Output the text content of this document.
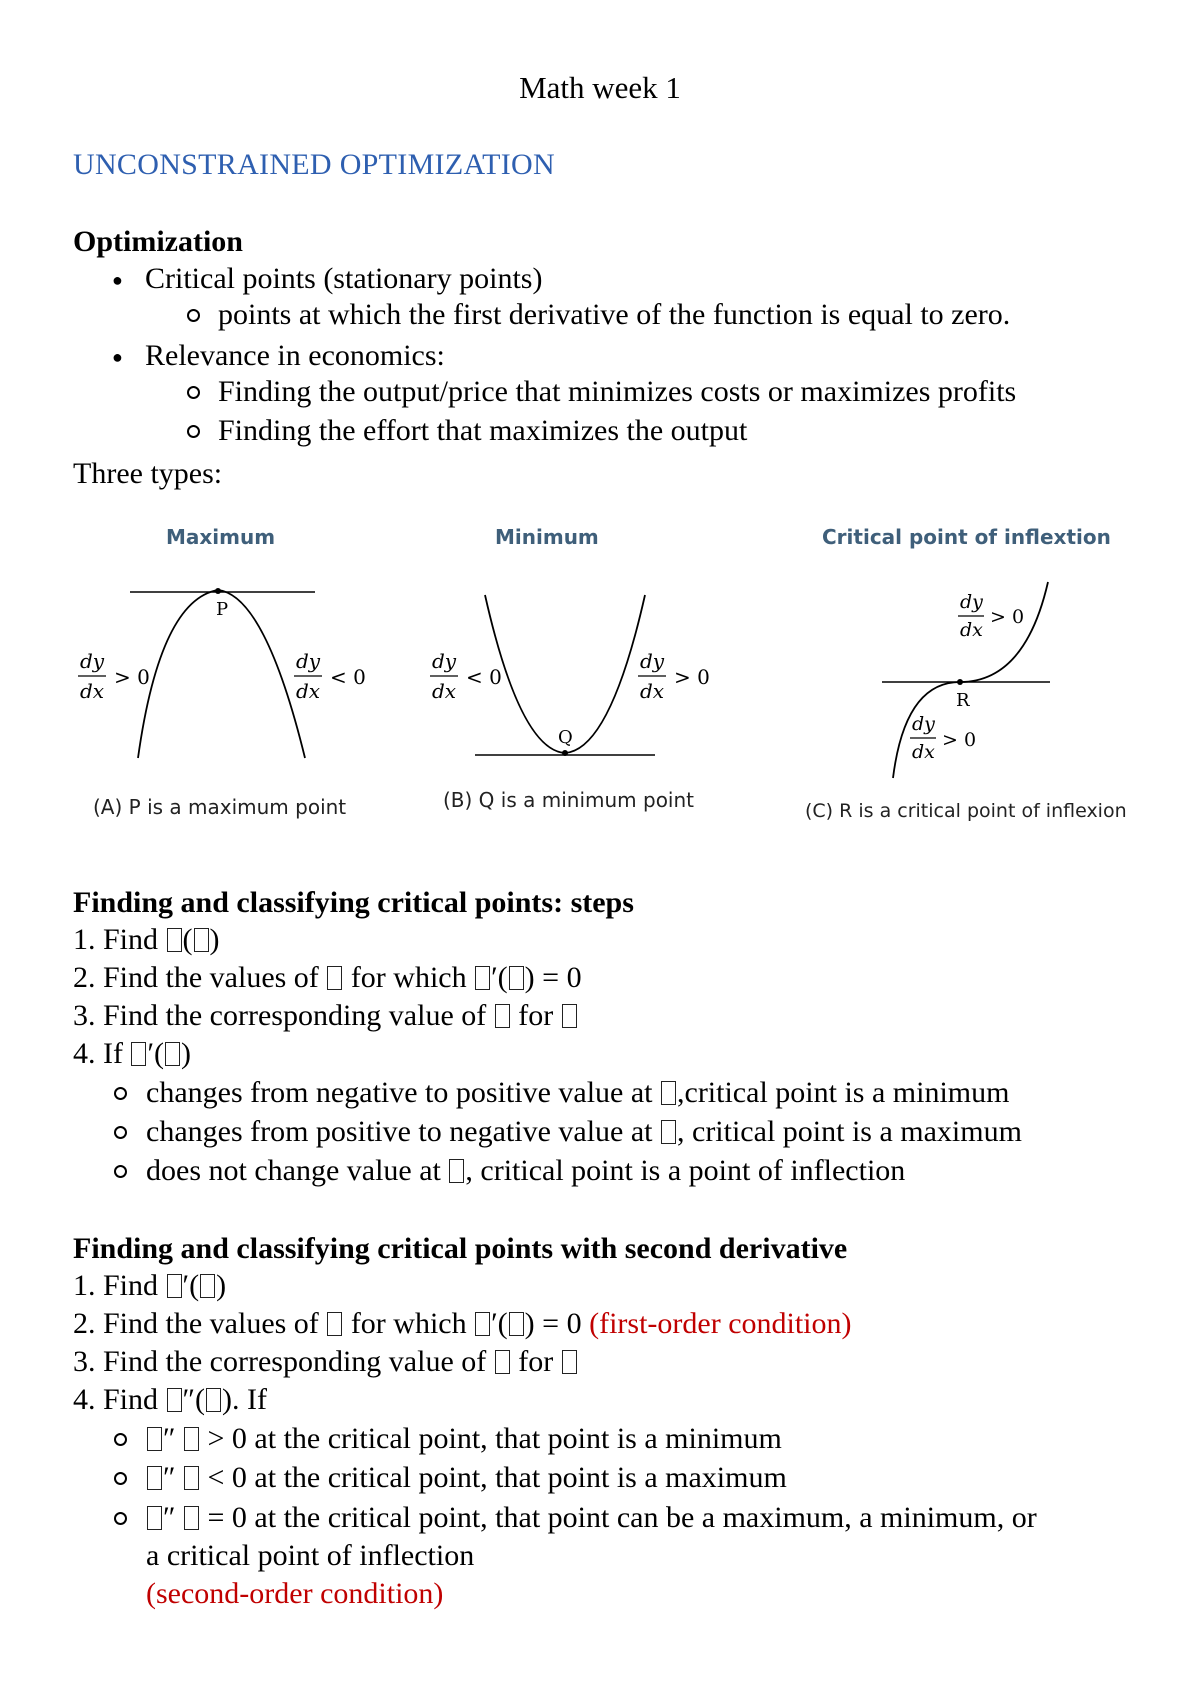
Math week 1
UNCONSTRAINED OPTIMIZATION
Optimization
● Critical points (stationary points)
points at which the first derivative of the function is equal to zero.
● Relevance in economics:
Finding the output/price that minimizes costs or maximizes profits
Finding the effort that maximizes the output
Three types:
Maximum	Minimum	Critical point of inflextion
P
dy
dx
> 0
dy
dx
< 0
Q
dy
dx
< 0
dy
dx
> 0
R
dy
dx
> 0
dy
dx
> 0
(A) P is a maximum point	(B) Q is a minimum point	(C) R is a critical point of inflexion
Finding and classifying critical points: steps
1. Find ( )
2. Find the values of for which ′( ) = 0
3. Find the corresponding value of for
4. If ′( )
changes from negative to positive value at ,critical point is a minimum
changes from positive to negative value at , critical point is a maximum
does not change value at , critical point is a point of inflection
Finding and classifying critical points with second derivative
1. Find ′( )
2. Find the values of for which ′( ) = 0 (first-order condition)
3. Find the corresponding value of for
4. Find ″( ). If
″ > 0 at the critical point, that point is a minimum
″ < 0 at the critical point, that point is a maximum
″ = 0 at the critical point, that point can be a maximum, a minimum, or
a critical point of inflection
(second-order condition)
